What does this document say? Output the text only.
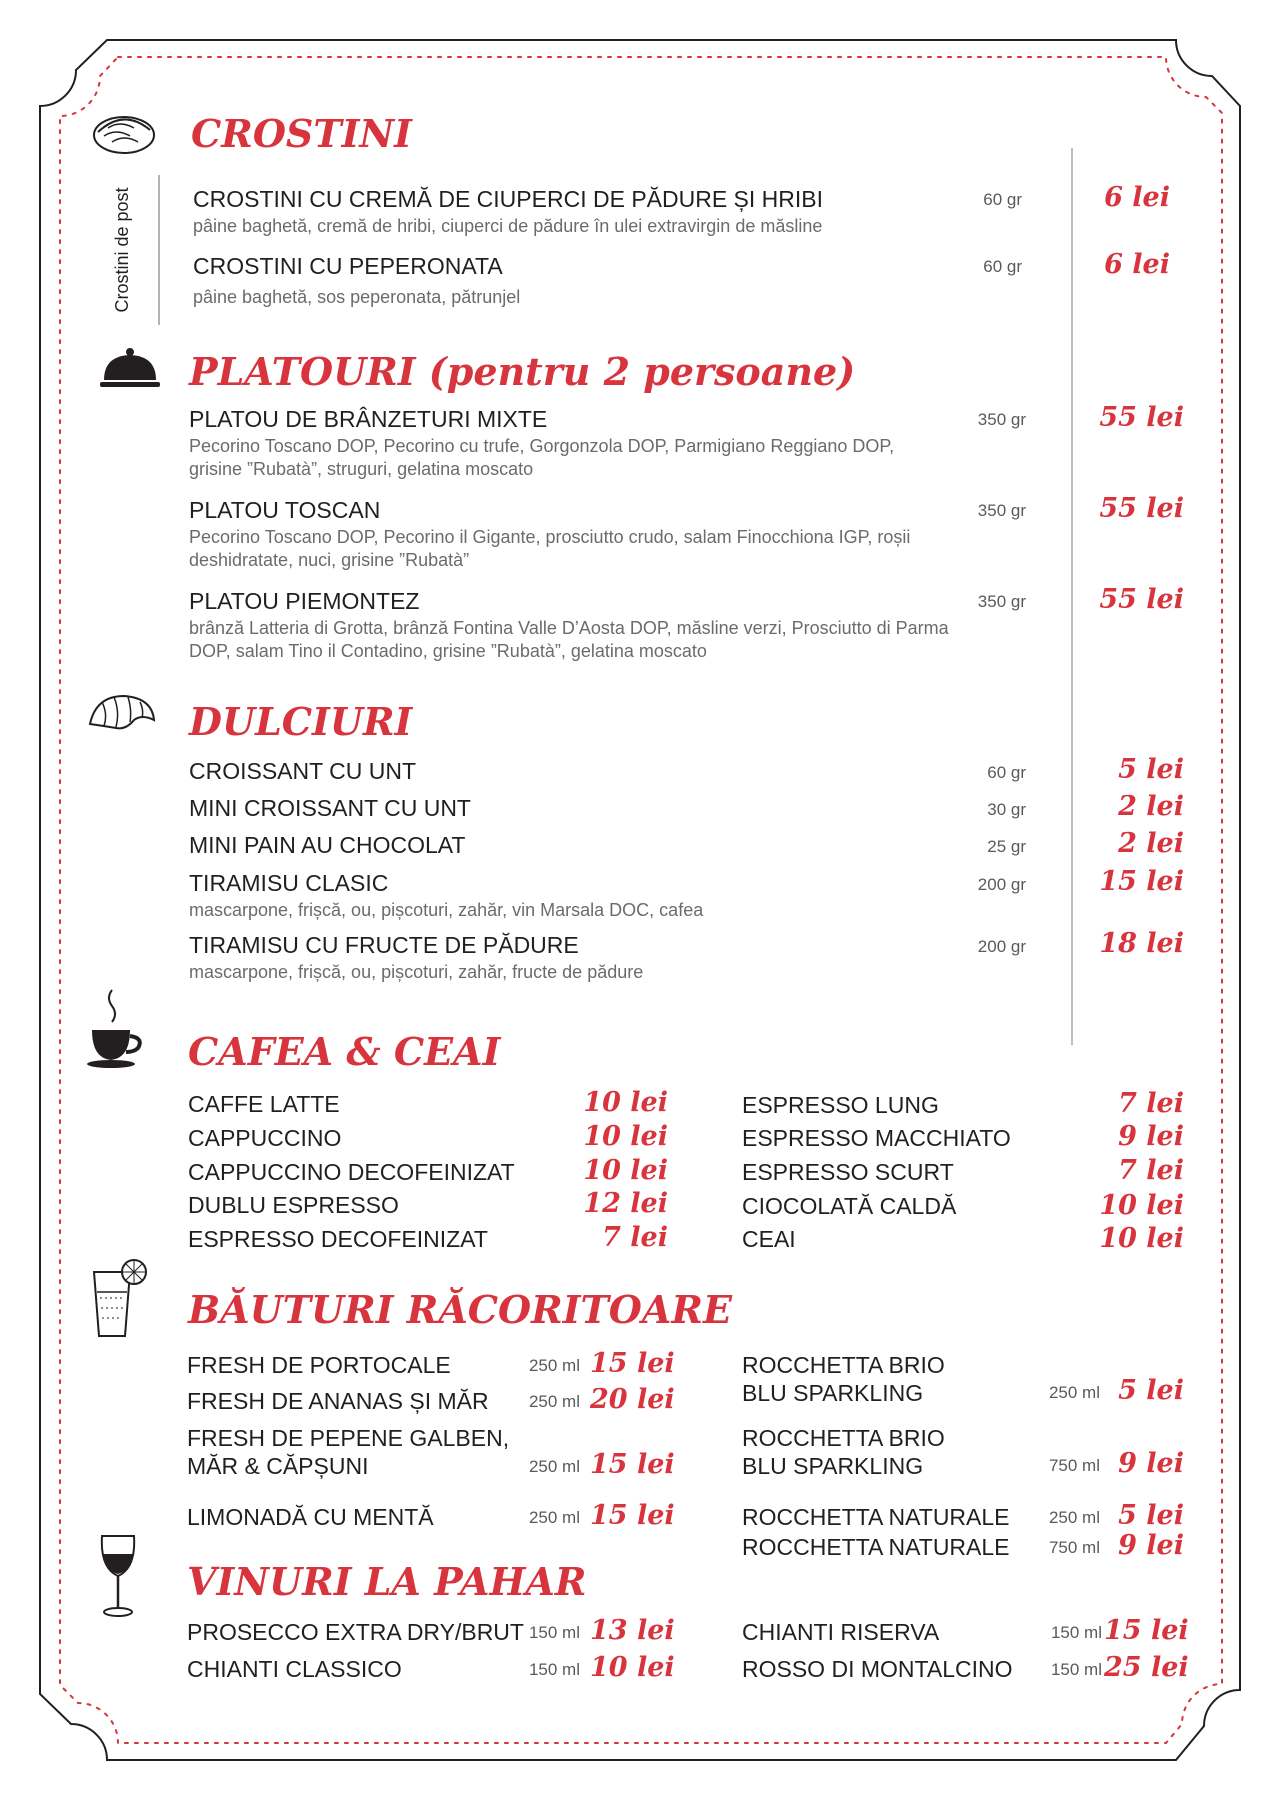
CROSTINI
Crostini de post	CROSTINI CU CREMĂ DE CIUPERCI DE PĂDURE ȘI HRIBI
pâine baghetă, cremă de hribi, ciuperci de pădure în ulei extravirgin de măsline
60 gr	6 lei
CROSTINI CU PEPERONATA
pâine baghetă, sos peperonata, pătrunjel
60 gr	6 lei
PLATOURI (pentru 2 persoane)
PLATOU DE BRÂNZETURI MIXTE
Pecorino Toscano DOP, Pecorino cu trufe, Gorgonzola DOP, Parmigiano Reggiano DOP, grisine ”Rubatà”, struguri, gelatina moscato
350 gr	55 lei
PLATOU TOSCAN
Pecorino Toscano DOP, Pecorino il Gigante, prosciutto crudo, salam Finocchiona IGP, roșii deshidratate, nuci, grisine ”Rubatà”
350 gr	55 lei
PLATOU PIEMONTEZ
brânză Latteria di Grotta, brânză Fontina Valle D’Aosta DOP, măsline verzi, Prosciutto di Parma DOP, salam Tino il Contadino, grisine ”Rubatà”, gelatina moscato
350 gr	55 lei
DULCIURI
CROISSANT CU UNT	60 gr	5 lei
MINI CROISSANT CU UNT	30 gr	2 lei
MINI PAIN AU CHOCOLAT	25 gr	2 lei
TIRAMISU CLASIC
mascarpone, frișcă, ou, pișcoturi, zahăr, vin Marsala DOC, cafea
200 gr	15 lei
TIRAMISU CU FRUCTE DE PĂDURE
mascarpone, frișcă, ou, pișcoturi, zahăr, fructe de pădure
200 gr	18 lei
CAFEA & CEAI
CAFFE LATTE	10 lei
CAPPUCCINO	10 lei
CAPPUCCINO DECOFEINIZAT	10 lei
DUBLU ESPRESSO	12 lei
ESPRESSO DECOFEINIZAT	7 lei
ESPRESSO LUNG	7 lei
ESPRESSO MACCHIATO	9 lei
ESPRESSO SCURT	7 lei
CIOCOLATĂ CALDĂ	10 lei
CEAI	10 lei
BĂUTURI RĂCORITOARE
FRESH DE PORTOCALE	250 ml 15 lei
FRESH DE ANANAS ȘI MĂR	250 ml 20 lei
FRESH DE PEPENE GALBEN,
MĂR & CĂPȘUNI	250 ml 15 lei
LIMONADĂ CU MENTĂ	250 ml 15 lei
ROCCHETTA BRIO
BLU SPARKLING	250 ml 5 lei
ROCCHETTA BRIO
BLU SPARKLING	750 ml 9 lei
ROCCHETTA NATURALE	250 ml 5 lei
ROCCHETTA NATURALE	750 ml 9 lei
VINURI LA PAHAR
PROSECCO EXTRA DRY/BRUT 150 ml 13 lei
CHIANTI CLASSICO	150 ml 10 lei
CHIANTI RISERVA	150 ml 15 lei
ROSSO DI MONTALCINO	150 ml 25 lei
